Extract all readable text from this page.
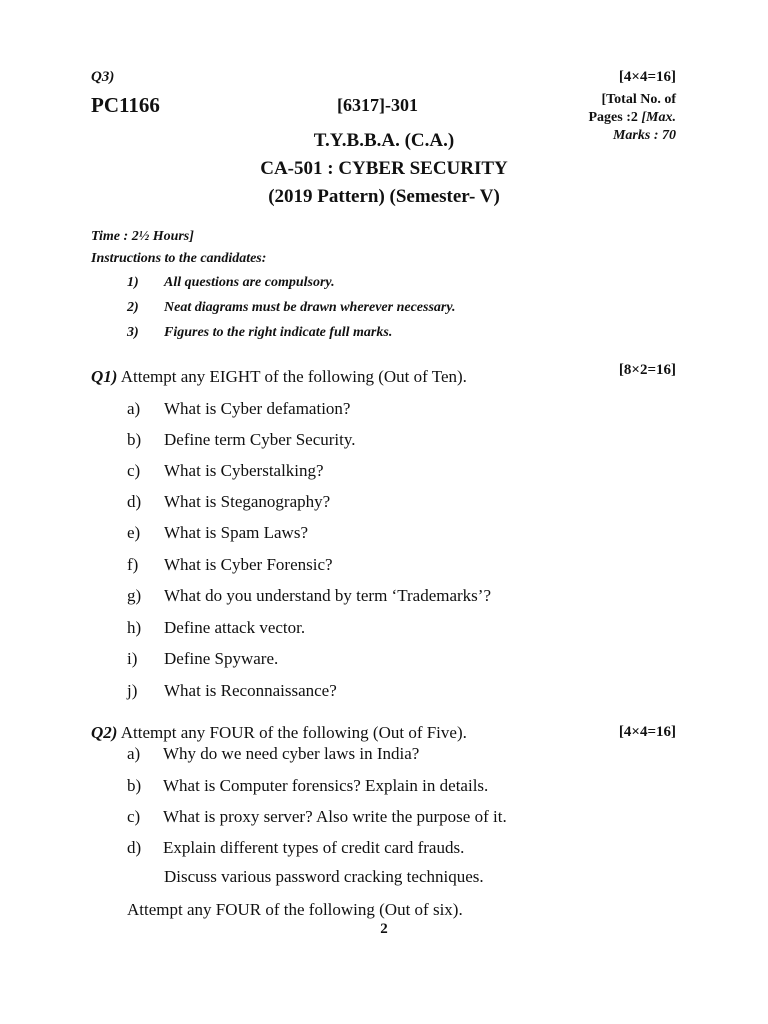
Q3)	[4×4=16]
PC1166	[6317]-301	[Total No. of
Pages :2 [Max.
Marks : 70
T.Y.B.B.A. (C.A.)
CA-501 : CYBER SECURITY
(2019 Pattern) (Semester- V)
Time : 2½ Hours]
Instructions to the candidates:
1) All questions are compulsory.
2) Neat diagrams must be drawn wherever necessary.
3) Figures to the right indicate full marks.
Q1) Attempt any EIGHT of the following (Out of Ten).	[8×2=16]
a) What is Cyber defamation?
b) Define term Cyber Security.
c) What is Cyberstalking?
d) What is Steganography?
e) What is Spam Laws?
f) What is Cyber Forensic?
g) What do you understand by term ‘Trademarks’?
h) Define attack vector.
i) Define Spyware.
j) What is Reconnaissance?
Q2) Attempt any FOUR of the following (Out of Five).	[4×4=16]
a) Why do we need cyber laws in India?
b) What is Computer forensics? Explain in details.
c) What is proxy server? Also write the purpose of it.
d) Explain different types of credit card frauds.
Discuss various password cracking techniques.
Attempt any FOUR of the following (Out of six).
2
